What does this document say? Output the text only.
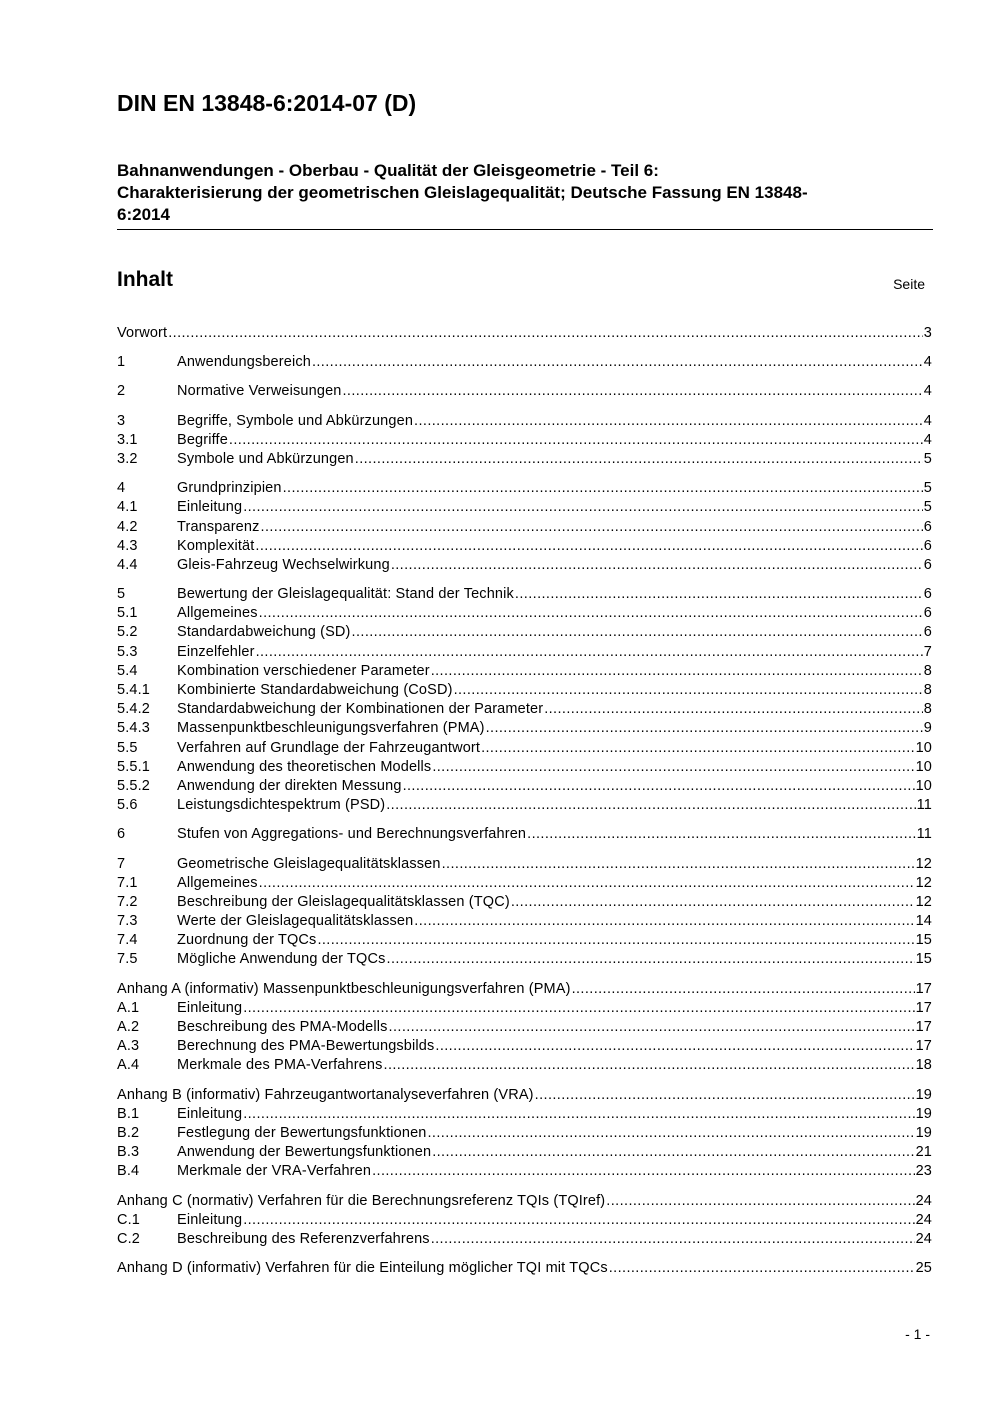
DIN EN 13848-6:2014-07 (D)
Bahnanwendungen - Oberbau - Qualität der Gleisgeometrie - Teil 6:
Charakterisierung der geometrischen Gleislagequalität; Deutsche Fassung EN 13848-
6:2014
Inhalt	Seite
Vorwort .....	3
1	Anwendungsbereich .....	4
2	Normative Verweisungen .....	4
3	Begriffe, Symbole und Abkürzungen .....	4
3.1	Begriffe .....	4
3.2	Symbole und Abkürzungen .....	5
4	Grundprinzipien .....	5
4.1	Einleitung .....	5
4.2	Transparenz .....	6
4.3	Komplexität .....	6
4.4	Gleis-Fahrzeug Wechselwirkung .....	6
5	Bewertung der Gleislagequalität: Stand der Technik .....	6
5.1	Allgemeines .....	6
5.2	Standardabweichung (SD) .....	6
5.3	Einzelfehler .....	7
5.4	Kombination verschiedener Parameter .....	8
5.4.1	Kombinierte Standardabweichung (CoSD) .....	8
5.4.2	Standardabweichung der Kombinationen der Parameter .....	8
5.4.3	Massenpunktbeschleunigungsverfahren (PMA) .....	9
5.5	Verfahren auf Grundlage der Fahrzeugantwort .....	10
5.5.1	Anwendung des theoretischen Modells .....	10
5.5.2	Anwendung der direkten Messung .....	10
5.6	Leistungsdichtespektrum (PSD) .....	11
6	Stufen von Aggregations- und Berechnungsverfahren .....	11
7	Geometrische Gleislagequalitätsklassen .....	12
7.1	Allgemeines .....	12
7.2	Beschreibung der Gleislagequalitätsklassen (TQC) .....	12
7.3	Werte der Gleislagequalitätsklassen .....	14
7.4	Zuordnung der TQCs .....	15
7.5	Mögliche Anwendung der TQCs .....	15
Anhang A (informativ) Massenpunktbeschleunigungsverfahren (PMA) .....	17
A.1	Einleitung .....	17
A.2	Beschreibung des PMA-Modells .....	17
A.3	Berechnung des PMA-Bewertungsbilds .....	17
A.4	Merkmale des PMA-Verfahrens .....	18
Anhang B (informativ) Fahrzeugantwortanalyseverfahren (VRA) .....	19
B.1	Einleitung .....	19
B.2	Festlegung der Bewertungsfunktionen .....	19
B.3	Anwendung der Bewertungsfunktionen .....	21
B.4	Merkmale der VRA-Verfahren .....	23
Anhang C (normativ) Verfahren für die Berechnungsreferenz TQIs (TQIref) .....	24
C.1	Einleitung .....	24
C.2	Beschreibung des Referenzverfahrens .....	24
Anhang D (informativ) Verfahren für die Einteilung möglicher TQI mit TQCs .....	25
- 1 -
